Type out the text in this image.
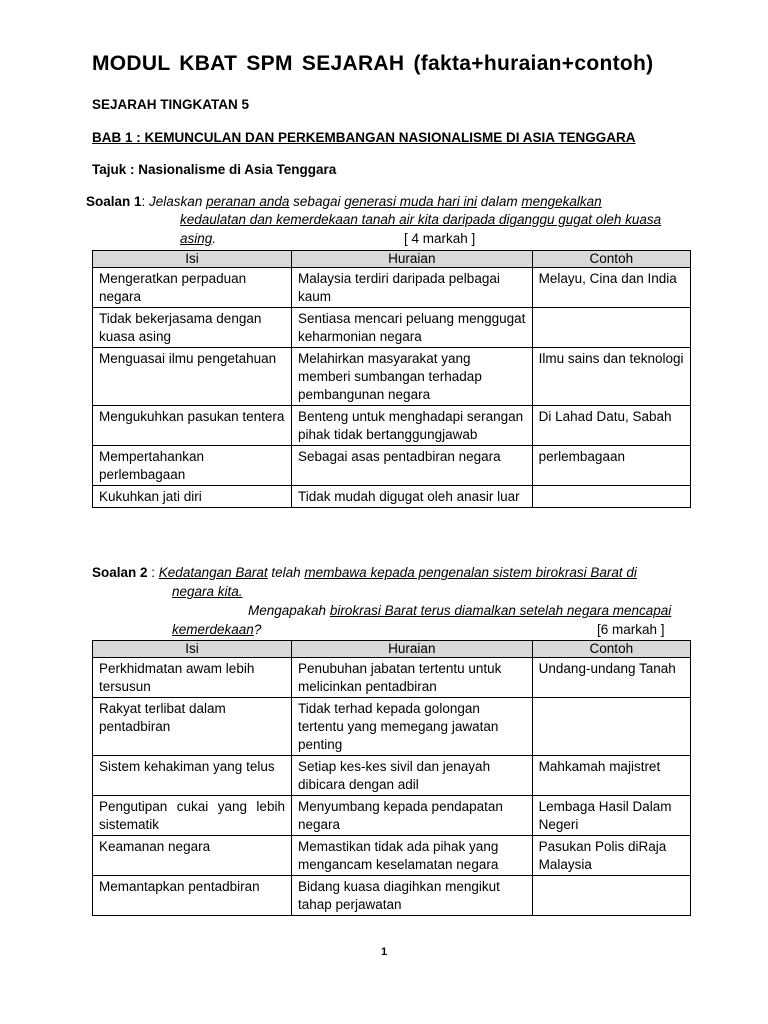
MODUL KBAT SPM SEJARAH (fakta+huraian+contoh)
SEJARAH TINGKATAN 5
BAB 1 : KEMUNCULAN DAN PERKEMBANGAN NASIONALISME DI ASIA TENGGARA
Tajuk : Nasionalisme di Asia Tenggara
Soalan 1: Jelaskan peranan anda sebagai generasi muda hari ini dalam mengekalkan
kedaulatan dan kemerdekaan tanah air kita daripada diganggu gugat oleh kuasa
asing.	[ 4 markah ]
Isi	Huraian	Contoh
Mengeratkan perpaduan negara	Malaysia terdiri daripada pelbagai kaum	Melayu, Cina dan India
Tidak bekerjasama dengan kuasa asing	Sentiasa mencari peluang menggugat keharmonian negara	
Menguasai ilmu pengetahuan	Melahirkan masyarakat yang memberi sumbangan terhadap pembangunan negara	Ilmu sains dan teknologi
Mengukuhkan pasukan tentera	Benteng untuk menghadapi serangan pihak tidak bertanggungjawab	Di Lahad Datu, Sabah
Mempertahankan perlembagaan	Sebagai asas pentadbiran negara	perlembagaan
Kukuhkan jati diri	Tidak mudah digugat oleh anasir luar	
Soalan 2 : Kedatangan Barat telah membawa kepada pengenalan sistem birokrasi Barat di
negara kita.
Mengapakah birokrasi Barat terus diamalkan setelah negara mencapai
kemerdekaan?	[6 markah ]
Isi	Huraian	Contoh
Perkhidmatan awam lebih tersusun	Penubuhan jabatan tertentu untuk melicinkan pentadbiran	Undang-undang Tanah
Rakyat terlibat dalam pentadbiran	Tidak terhad kepada golongan tertentu yang memegang jawatan penting	
Sistem kehakiman yang telus	Setiap kes-kes sivil dan jenayah dibicara dengan adil	Mahkamah majistret
Pengutipan cukai yang lebih sistematik	Menyumbang kepada pendapatan negara	Lembaga Hasil Dalam Negeri
Keamanan negara	Memastikan tidak ada pihak yang mengancam keselamatan negara	Pasukan Polis diRaja Malaysia
Memantapkan pentadbiran	Bidang kuasa diagihkan mengikut tahap perjawatan	
1
